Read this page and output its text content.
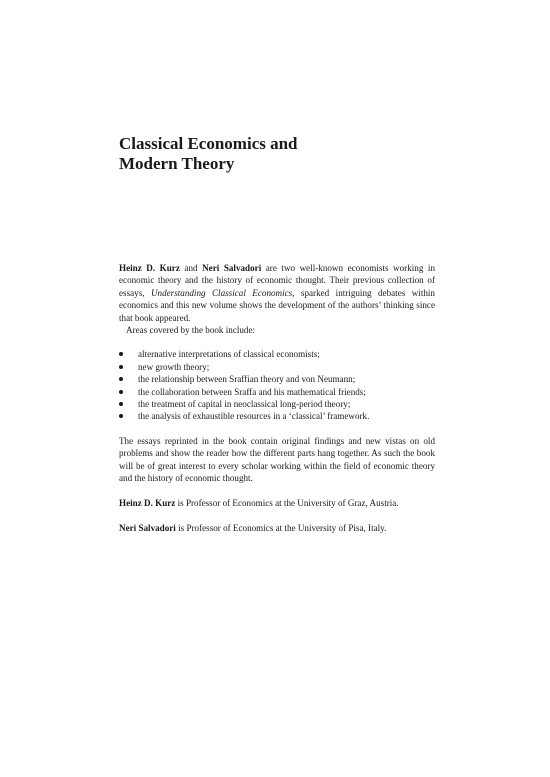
Classical Economics and
Modern Theory

Heinz D. Kurz and Neri Salvadori are two well-known economists working in economic theory and the history of economic thought. Their previous collection of essays, Understanding Classical Economics, sparked intriguing debates within economics and this new volume shows the development of the authors’ thinking since that book appeared.

Areas covered by the book include:

alternative interpretations of classical economists;
new growth theory;
the relationship between Sraffian theory and von Neumann;
the collaboration between Sraffa and his mathematical friends;
the treatment of capital in neoclassical long-period theory;
the analysis of exhaustible resources in a ‘classical’ framework.

The essays reprinted in the book contain original findings and new vistas on old problems and show the reader how the different parts hang together. As such the book will be of great interest to every scholar working within the field of economic theory and the history of economic thought.

Heinz D. Kurz is Professor of Economics at the University of Graz, Austria.

Neri Salvadori is Professor of Economics at the University of Pisa, Italy.
